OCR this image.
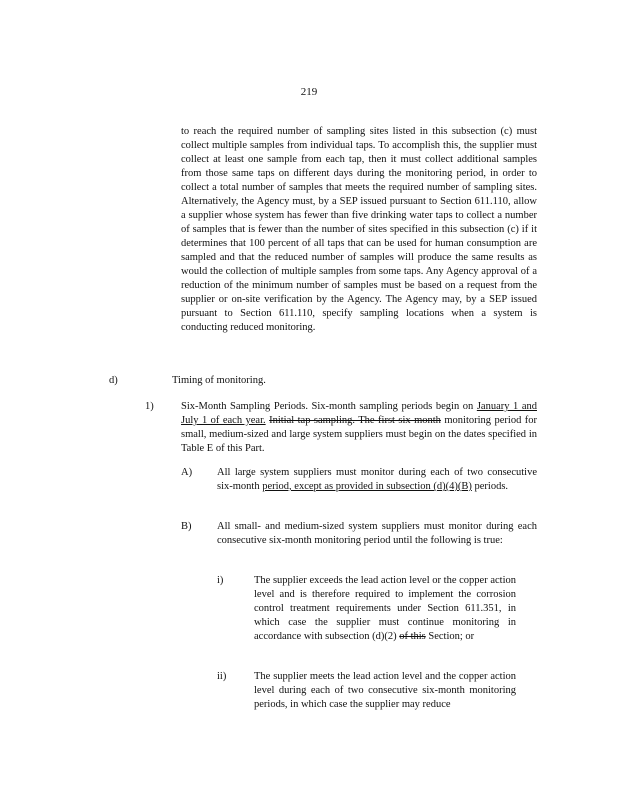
219

to reach the required number of sampling sites listed in this subsection (c) must collect multiple samples from individual taps. To accomplish this, the supplier must collect at least one sample from each tap, then it must collect additional samples from those same taps on different days during the monitoring period, in order to collect a total number of samples that meets the required number of sampling sites. Alternatively, the Agency must, by a SEP issued pursuant to Section 611.110, allow a supplier whose system has fewer than five drinking water taps to collect a number of samples that is fewer than the number of sites specified in this subsection (c) if it determines that 100 percent of all taps that can be used for human consumption are sampled and that the reduced number of samples will produce the same results as would the collection of multiple samples from some taps. Any Agency approval of a reduction of the minimum number of samples must be based on a request from the supplier or on-site verification by the Agency. The Agency may, by a SEP issued pursuant to Section 611.110, specify sampling locations when a system is conducting reduced monitoring.

d)	Timing of monitoring.
1)	Six-Month Sampling Periods. Six-month sampling periods begin on January 1 and July 1 of each year. Initial tap sampling. The first six month monitoring period for small, medium-sized and large system suppliers must begin on the dates specified in Table E of this Part.

A) All large system suppliers must monitor during each of two consecutive six-month period, except as provided in subsection (d)(4)(B) periods.

B) All small- and medium-sized system suppliers must monitor during each consecutive six-month monitoring period until the following is true:

i)	The supplier exceeds the lead action level or the copper action level and is therefore required to implement the corrosion control treatment requirements under Section 611.351, in which case the supplier must continue monitoring in accordance with subsection (d)(2) of this Section; or

ii)	The supplier meets the lead action level and the copper action level during each of two consecutive six-month monitoring periods, in which case the supplier may reduce
